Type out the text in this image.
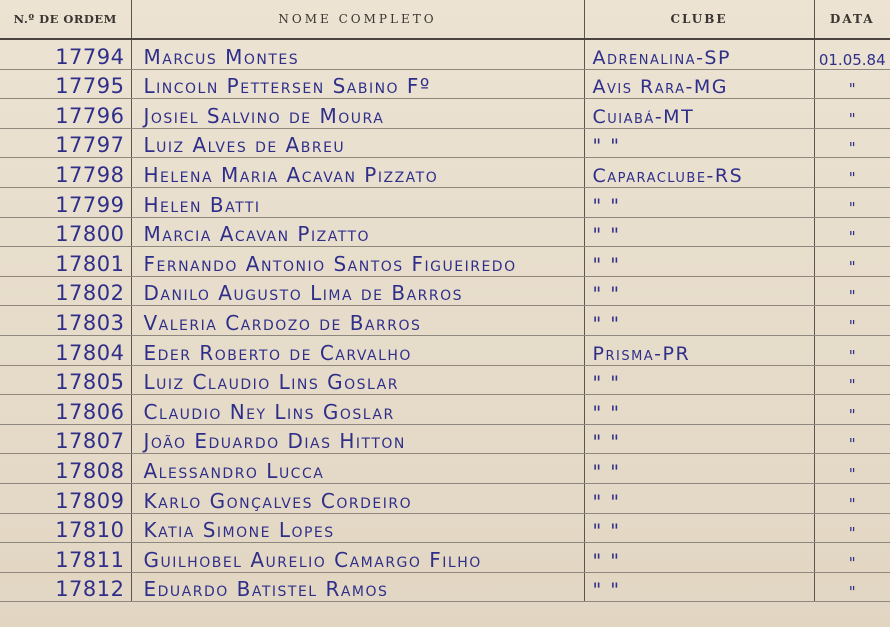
N.º DE ORDEM	NOME COMPLETO	CLUBE	DATA
17794	Marcus Montes	Adrenalina-SP	01.05.84
17795	Lincoln Pettersen Sabino Fº	Avis Rara-MG	"
17796	Josiel Salvino de Moura	Cuiabá-MT	"
17797	Luiz Alves de Abreu	" "	"
17798	Helena Maria Acavan Pizzato	Caparaclube-RS	"
17799	Helen Batti	" "	"
17800	Marcia Acavan Pizatto	" "	"
17801	Fernando Antonio Santos Figueiredo	" "	"
17802	Danilo Augusto Lima de Barros	" "	"
17803	Valeria Cardozo de Barros	" "	"
17804	Eder Roberto de Carvalho	Prisma-PR	"
17805	Luiz Claudio Lins Goslar	" "	"
17806	Claudio Ney Lins Goslar	" "	"
17807	João Eduardo Dias Hitton	" "	"
17808	Alessandro Lucca	" "	"
17809	Karlo Gonçalves Cordeiro	" "	"
17810	Katia Simone Lopes	" "	"
17811	Guilhobel Aurelio Camargo Filho	" "	"
17812	Eduardo Batistel Ramos	" "	"
